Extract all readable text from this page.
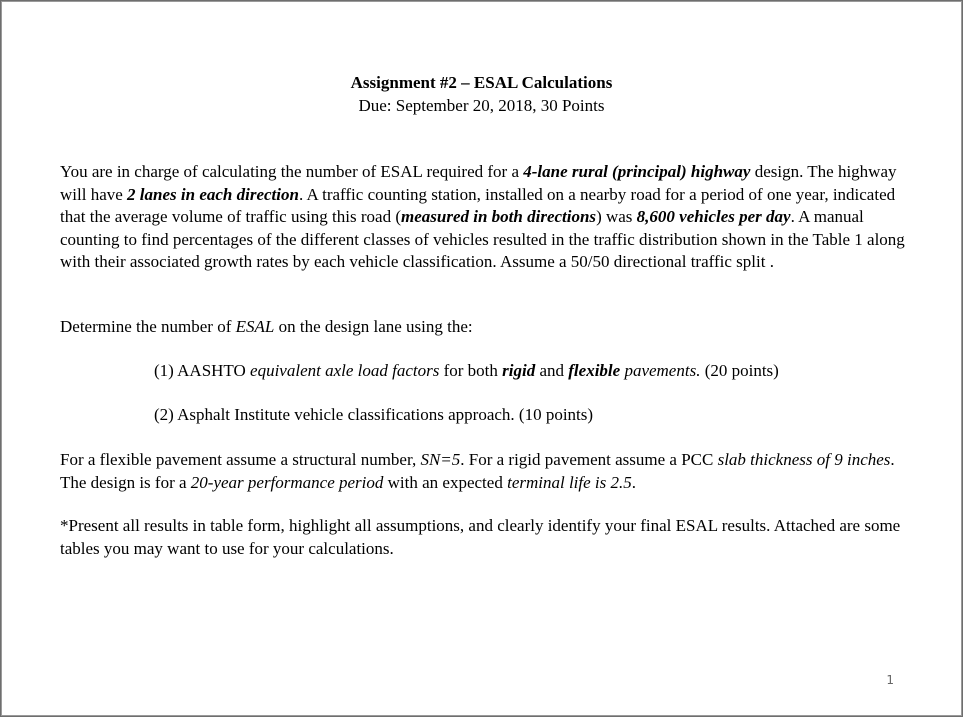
Assignment #2 – ESAL Calculations
Due: September 20, 2018, 30 Points

You are in charge of calculating the number of ESAL required for a 4-lane rural (principal) highway design. The highway will have 2 lanes in each direction. A traffic counting station, installed on a nearby road for a period of one year, indicated that the average volume of traffic using this road (measured in both directions) was 8,600 vehicles per day. A manual counting to find percentages of the different classes of vehicles resulted in the traffic distribution shown in the Table 1 along with their associated growth rates by each vehicle classification. Assume a 50/50 directional traffic split .

Determine the number of ESAL on the design lane using the:

(1) AASHTO equivalent axle load factors for both rigid and flexible pavements. (20 points)

(2) Asphalt Institute vehicle classifications approach. (10 points)

For a flexible pavement assume a structural number, SN=5. For a rigid pavement assume a PCC slab thickness of 9 inches. The design is for a 20-year performance period with an expected terminal life is 2.5.

*Present all results in table form, highlight all assumptions, and clearly identify your final ESAL results. Attached are some tables you may want to use for your calculations.

1
